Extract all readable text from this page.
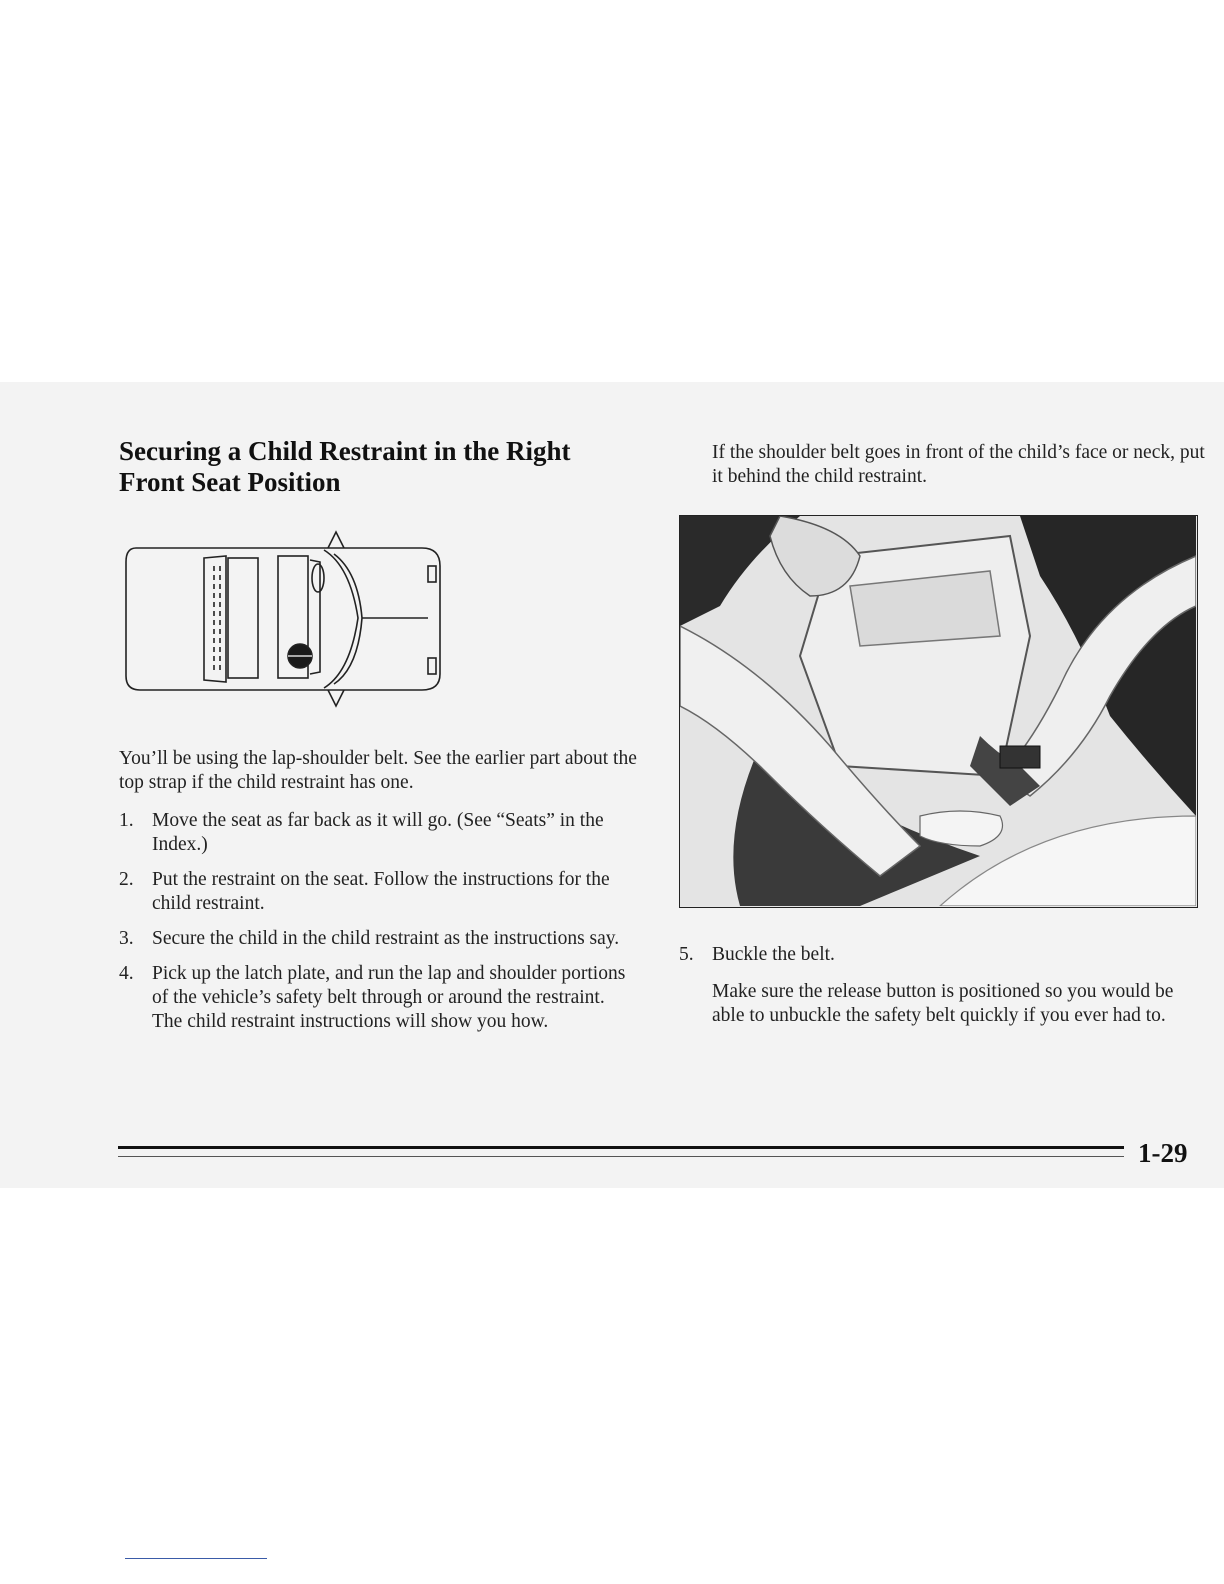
Securing a Child Restraint in the Right Front Seat Position

You’ll be using the lap-shoulder belt. See the earlier part about the top strap if the child restraint has one.

1. Move the seat as far back as it will go. (See “Seats” in the Index.)
2. Put the restraint on the seat. Follow the instructions for the child restraint.
3. Secure the child in the child restraint as the instructions say.
4. Pick up the latch plate, and run the lap and shoulder portions of the vehicle’s safety belt through or around the restraint. The child restraint instructions will show you how.

If the shoulder belt goes in front of the child’s face or neck, put it behind the child restraint.

5. Buckle the belt.

Make sure the release button is positioned so you would be able to unbuckle the safety belt quickly if you ever had to.

1-29
